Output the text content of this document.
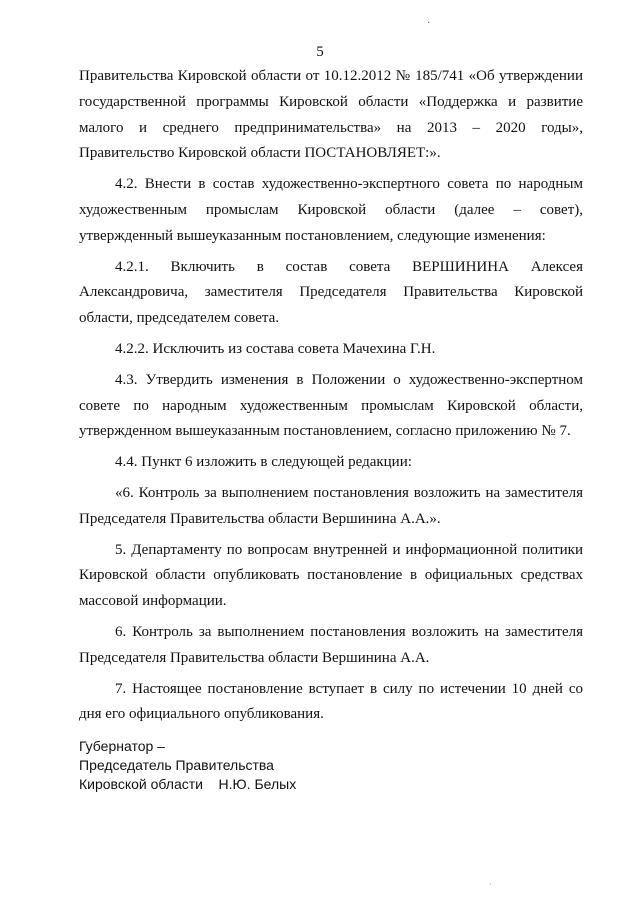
·
5

Правительства Кировской области от 10.12.2012 № 185/741 «Об утверждении государственной программы Кировской области «Поддержка и развитие малого и среднего предпринимательства» на 2013 – 2020 годы», Правительство Кировской области ПОСТАНОВЛЯЕТ:».

4.2. Внести в состав художественно-экспертного совета по народным художественным промыслам Кировской области (далее – совет), утвержденный вышеуказанным постановлением, следующие изменения:

4.2.1. Включить в состав совета ВЕРШИНИНА Алексея Александровича, заместителя Председателя Правительства Кировской области, председателем совета.

4.2.2. Исключить из состава совета Мачехина Г.Н.

4.3. Утвердить изменения в Положении о художественно-экспертном совете по народным художественным промыслам Кировской области, утвержденном вышеуказанным постановлением, согласно приложению № 7.

4.4. Пункт 6 изложить в следующей редакции:

«6. Контроль за выполнением постановления возложить на заместителя Председателя Правительства области Вершинина А.А.».

5. Департаменту по вопросам внутренней и информационной политики Кировской области опубликовать постановление в официальных средствах массовой информации.

6. Контроль за выполнением постановления возложить на заместителя Председателя Правительства области Вершинина А.А.

7. Настоящее постановление вступает в силу по истечении 10 дней со дня его официального опубликования.

Губернатор –
Председатель Правительства
Кировской области    Н.Ю. Белых
·
